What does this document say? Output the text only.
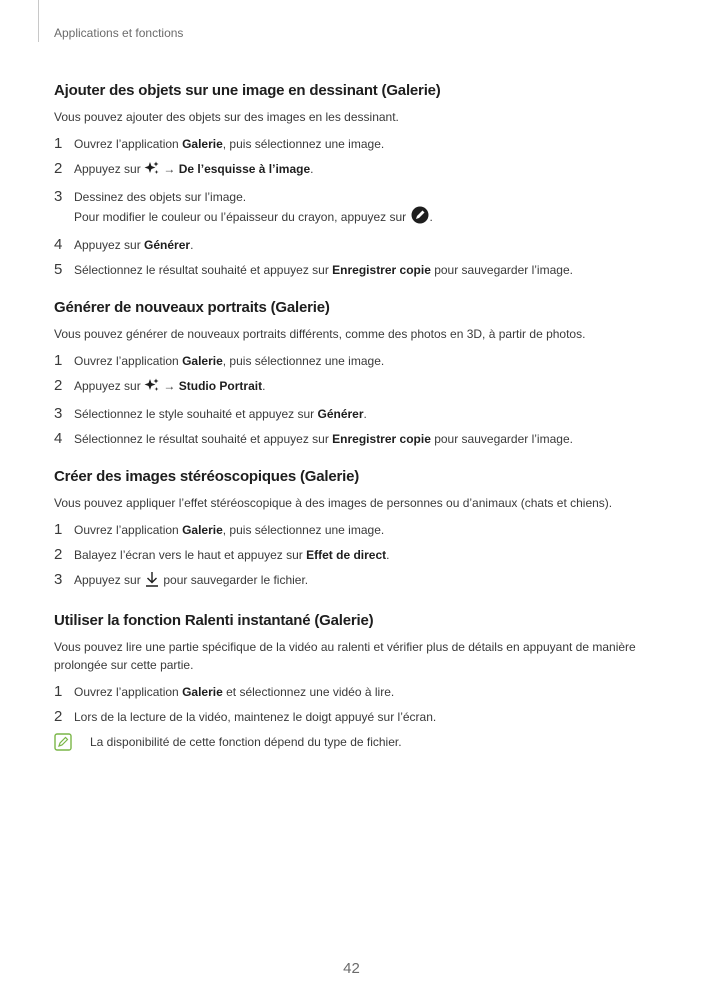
Applications et fonctions
Ajouter des objets sur une image en dessinant (Galerie)

Vous pouvez ajouter des objets sur des images en les dessinant.

1 Ouvrez l’application Galerie, puis sélectionnez une image.
2 Appuyez sur  → De l’esquisse à l’image.
3 Dessinez des objets sur l’image.
Pour modifier le couleur ou l’épaisseur du crayon, appuyez sur .
4 Appuyez sur Générer.
5 Sélectionnez le résultat souhaité et appuyez sur Enregistrer copie pour sauvegarder l’image.
Générer de nouveaux portraits (Galerie)

Vous pouvez générer de nouveaux portraits différents, comme des photos en 3D, à partir de photos.

1 Ouvrez l’application Galerie, puis sélectionnez une image.
2 Appuyez sur  → Studio Portrait.
3 Sélectionnez le style souhaité et appuyez sur Générer.
4 Sélectionnez le résultat souhaité et appuyez sur Enregistrer copie pour sauvegarder l’image.
Créer des images stéréoscopiques (Galerie)

Vous pouvez appliquer l’effet stéréoscopique à des images de personnes ou d’animaux (chats et chiens).

1 Ouvrez l’application Galerie, puis sélectionnez une image.
2 Balayez l’écran vers le haut et appuyez sur Effet de direct.
3 Appuyez sur  pour sauvegarder le fichier.
Utiliser la fonction Ralenti instantané (Galerie)

Vous pouvez lire une partie spécifique de la vidéo au ralenti et vérifier plus de détails en appuyant de manière prolongée sur cette partie.

1 Ouvrez l’application Galerie et sélectionnez une vidéo à lire.
2 Lors de la lecture de la vidéo, maintenez le doigt appuyé sur l’écran.
La disponibilité de cette fonction dépend du type de fichier.
42
